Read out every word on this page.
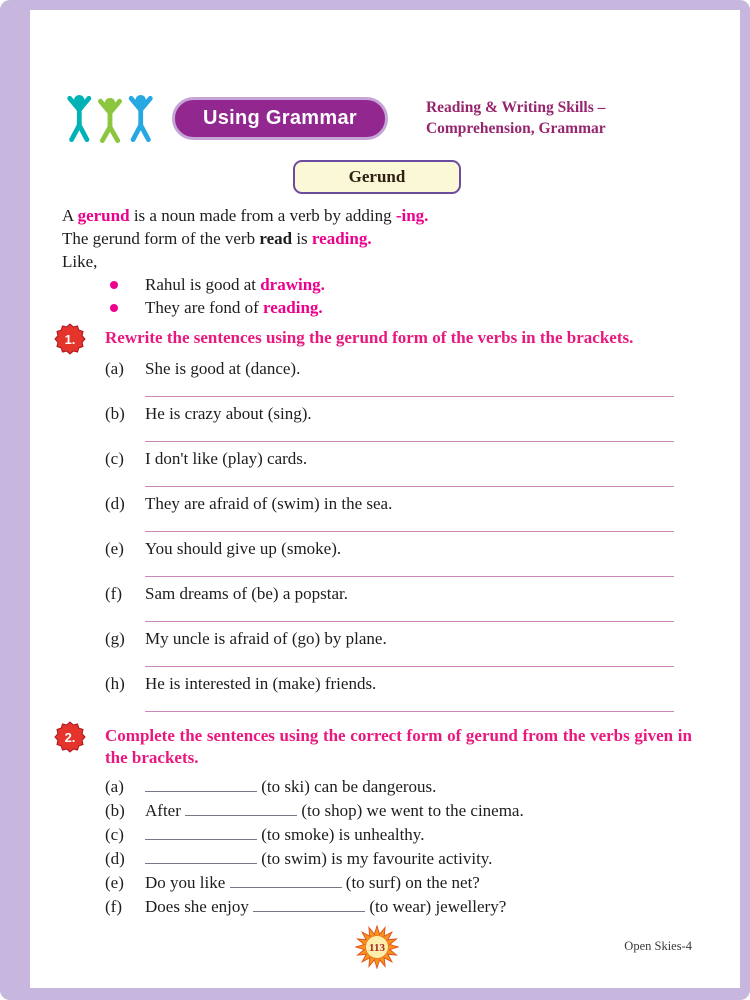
Using Grammar	Reading & Writing Skills –
Comprehension, Grammar
Gerund

A gerund is a noun made from a verb by adding -ing.

The gerund form of the verb read is reading.

Like,

Rahul is good at drawing.
They are fond of reading.
1. Rewrite the sentences using the gerund form of the verbs in the brackets.
(a)	She is good at (dance).
(b)	He is crazy about (sing).
(c)	I don't like (play) cards.
(d)	They are afraid of (swim) in the sea.
(e)	You should give up (smoke).
(f)	Sam dreams of (be) a popstar.
(g)	My uncle is afraid of (go) by plane.
(h)	He is interested in (make) friends.
2. Complete the sentences using the correct form of gerund from the verbs given in the brackets.
(a)	(to ski) can be dangerous.
(b)	After	(to shop) we went to the cinema.
(c)	(to smoke) is unhealthy.
(d)	(to swim) is my favourite activity.
(e)	Do you like	(to surf) on the net?
(f)	Does she enjoy	(to wear) jewellery?
113	Open Skies-4
